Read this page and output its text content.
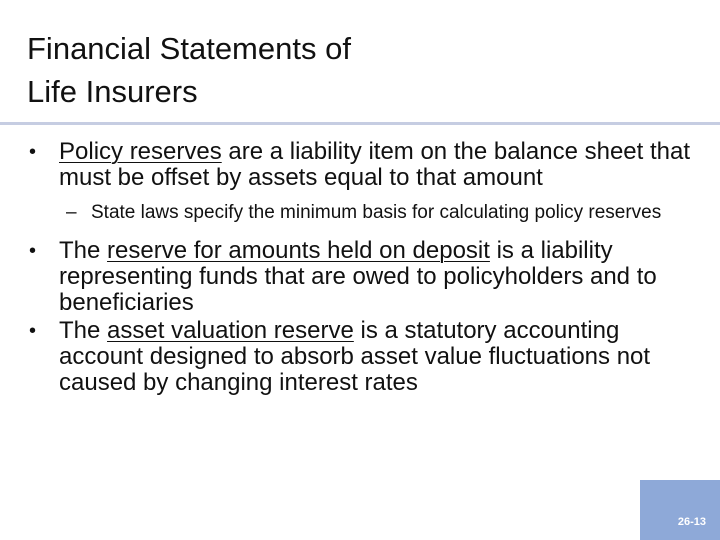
Financial Statements of
Life Insurers

• Policy reserves are a liability item on the balance sheet that must be offset by assets equal to that amount

– State laws specify the minimum basis for calculating policy reserves

• The reserve for amounts held on deposit is a liability representing funds that are owed to policyholders and to beneficiaries

• The asset valuation reserve is a statutory accounting account designed to absorb asset value fluctuations not caused by changing interest rates

26-13
